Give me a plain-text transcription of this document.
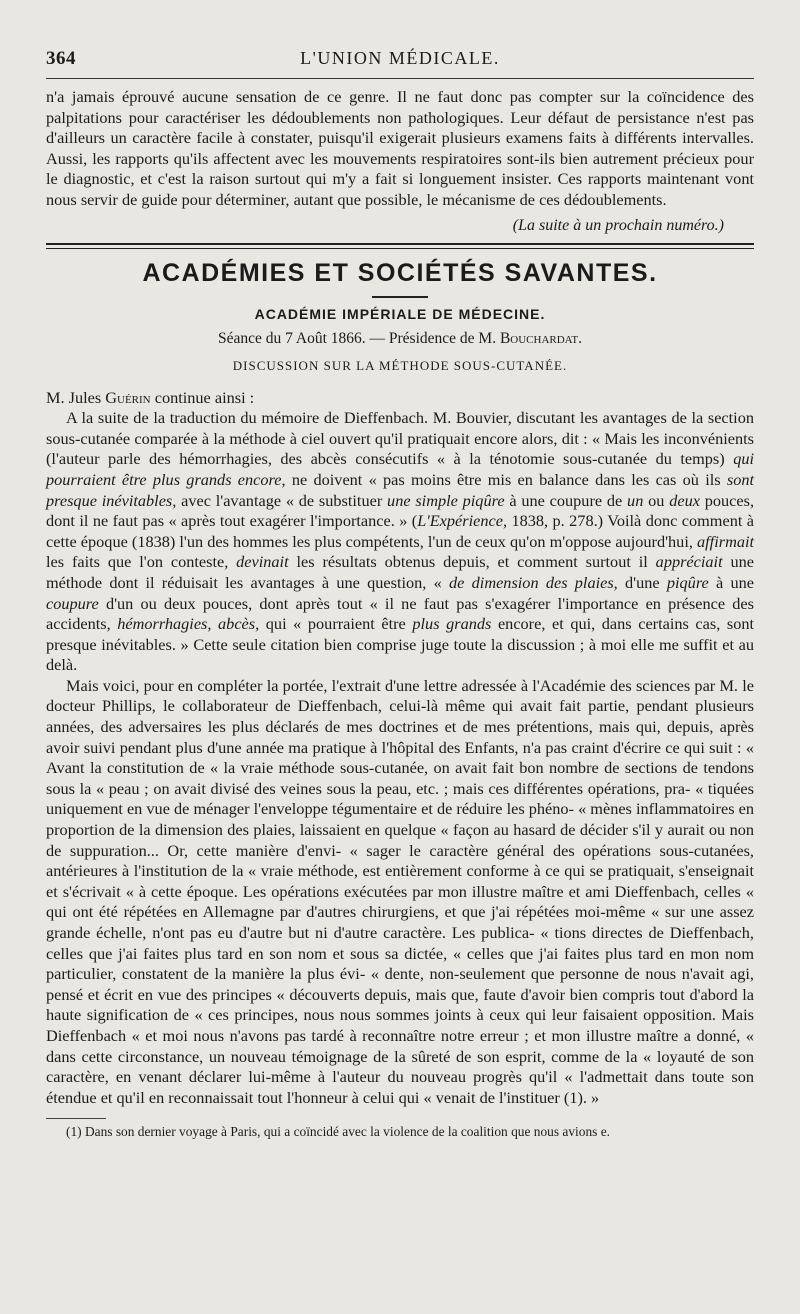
364	L'UNION MÉDICALE.

n'a jamais éprouvé aucune sensation de ce genre. Il ne faut donc pas compter sur la coïncidence des palpitations pour caractériser les dédoublements non pathologiques. Leur défaut de persistance n'est pas d'ailleurs un caractère facile à constater, puisqu'il exigerait plusieurs examens faits à différents intervalles. Aussi, les rapports qu'ils affectent avec les mouvements respiratoires sont-ils bien autrement précieux pour le diagnostic, et c'est la raison surtout qui m'y a fait si longuement insister. Ces rapports maintenant vont nous servir de guide pour déterminer, autant que possible, le mécanisme de ces dédoublements.

(La suite à un prochain numéro.)
ACADÉMIES ET SOCIÉTÉS SAVANTES.
ACADÉMIE IMPÉRIALE DE MÉDECINE.
Séance du 7 Août 1866. — Présidence de M. Bouchardat.
DISCUSSION SUR LA MÉTHODE SOUS-CUTANÉE.
M. Jules Guérin continue ainsi :

A la suite de la traduction du mémoire de Dieffenbach. M. Bouvier, discutant les avantages de la section sous-cutanée comparée à la méthode à ciel ouvert qu'il pratiquait encore alors, dit : « Mais les inconvénients (l'auteur parle des hémorrhagies, des abcès consécutifs « à la ténotomie sous-cutanée du temps) qui pourraient être plus grands encore, ne doivent « pas moins être mis en balance dans les cas où ils sont presque inévitables, avec l'avantage « de substituer une simple piqûre à une coupure de un ou deux pouces, dont il ne faut pas « après tout exagérer l'importance. » (L'Expérience, 1838, p. 278.) Voilà donc comment à cette époque (1838) l'un des hommes les plus compétents, l'un de ceux qu'on m'oppose aujourd'hui, affirmait les faits que l'on conteste, devinait les résultats obtenus depuis, et comment surtout il appréciait une méthode dont il réduisait les avantages à une question, « de dimension des plaies, d'une piqûre à une coupure d'un ou deux pouces, dont après tout « il ne faut pas s'exagérer l'importance en présence des accidents, hémorrhagies, abcès, qui « pourraient être plus grands encore, et qui, dans certains cas, sont presque inévitables. » Cette seule citation bien comprise juge toute la discussion ; à moi elle me suffit et au delà.

Mais voici, pour en compléter la portée, l'extrait d'une lettre adressée à l'Académie des sciences par M. le docteur Phillips, le collaborateur de Dieffenbach, celui-là même qui avait fait partie, pendant plusieurs années, des adversaires les plus déclarés de mes doctrines et de mes prétentions, mais qui, depuis, après avoir suivi pendant plus d'une année ma pratique à l'hôpital des Enfants, n'a pas craint d'écrire ce qui suit : « Avant la constitution de « la vraie méthode sous-cutanée, on avait fait bon nombre de sections de tendons sous la « peau ; on avait divisé des veines sous la peau, etc. ; mais ces différentes opérations, pra- « tiquées uniquement en vue de ménager l'enveloppe tégumentaire et de réduire les phéno- « mènes inflammatoires en proportion de la dimension des plaies, laissaient en quelque « façon au hasard de décider s'il y aurait ou non de suppuration... Or, cette manière d'envi- « sager le caractère général des opérations sous-cutanées, antérieures à l'institution de la « vraie méthode, est entièrement conforme à ce qui se pratiquait, s'enseignait et s'écrivait « à cette époque. Les opérations exécutées par mon illustre maître et ami Dieffenbach, celles « qui ont été répétées en Allemagne par d'autres chirurgiens, et que j'ai répétées moi-même « sur une assez grande échelle, n'ont pas eu d'autre but ni d'autre caractère. Les publica- « tions directes de Dieffenbach, celles que j'ai faites plus tard en son nom et sous sa dictée, « celles que j'ai faites plus tard en mon nom particulier, constatent de la manière la plus évi- « dente, non-seulement que personne de nous n'avait agi, pensé et écrit en vue des principes « découverts depuis, mais que, faute d'avoir bien compris tout d'abord la haute signification de « ces principes, nous nous sommes joints à ceux qui leur faisaient opposition. Mais Dieffenbach « et moi nous n'avons pas tardé à reconnaître notre erreur ; et mon illustre maître a donné, « dans cette circonstance, un nouveau témoignage de la sûreté de son esprit, comme de la « loyauté de son caractère, en venant déclarer lui-même à l'auteur du nouveau progrès qu'il « l'admettait dans toute son étendue et qu'il en reconnaissait tout l'honneur à celui qui « venait de l'instituer (1). »

(1) Dans son dernier voyage à Paris, qui a coïncidé avec la violence de la coalition que nous avions e.
